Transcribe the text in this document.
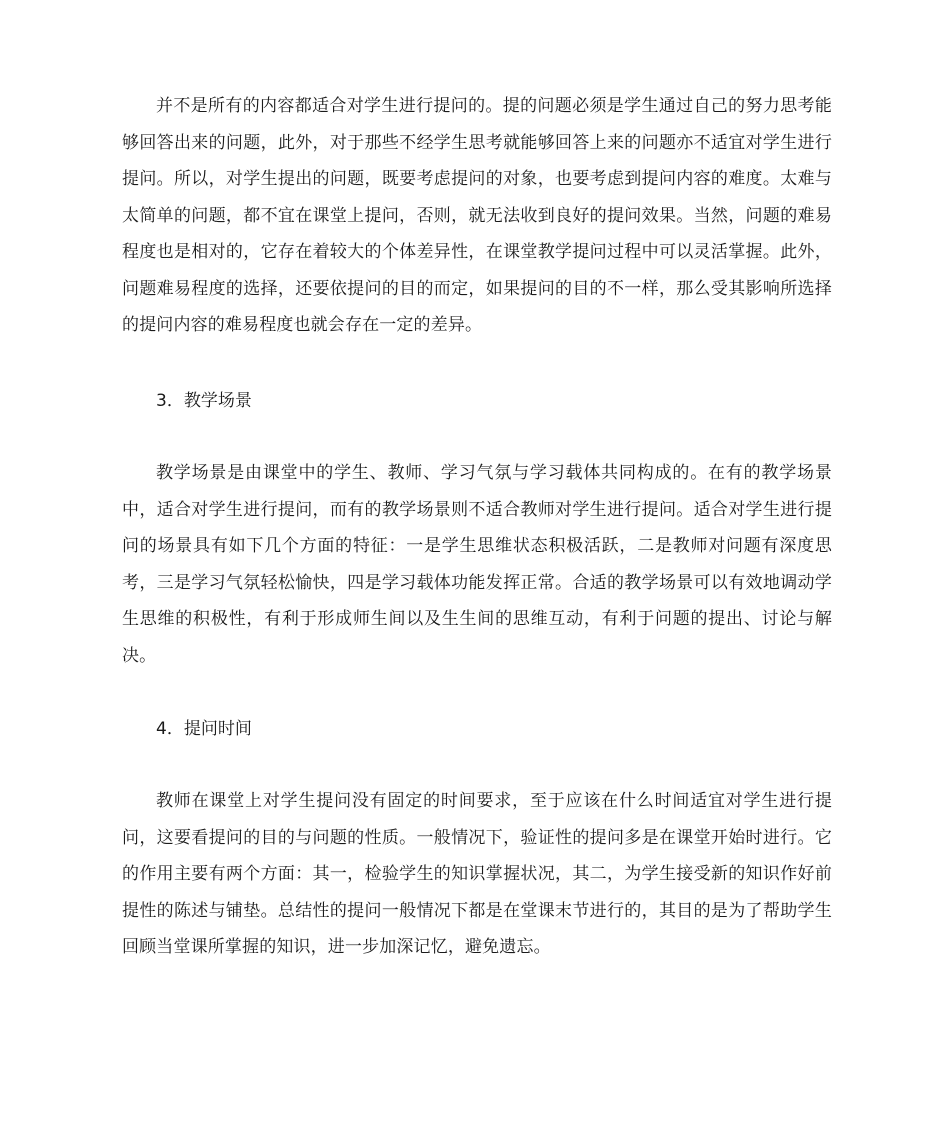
并不是所有的内容都适合对学生进行提问的。提的问题必须是学生通过自己的努力思考能够回答出来的问题，此外，对于那些不经学生思考就能够回答上来的问题亦不适宜对学生进行提问。所以，对学生提出的问题，既要考虑提问的对象，也要考虑到提问内容的难度。太难与太简单的问题，都不宜在课堂上提问，否则，就无法收到良好的提问效果。当然，问题的难易程度也是相对的，它存在着较大的个体差异性，在课堂教学提问过程中可以灵活掌握。此外，问题难易程度的选择，还要依提问的目的而定，如果提问的目的不一样，那么受其影响所选择的提问内容的难易程度也就会存在一定的差异。

3．教学场景

教学场景是由课堂中的学生、教师、学习气氛与学习载体共同构成的。在有的教学场景中，适合对学生进行提问，而有的教学场景则不适合教师对学生进行提问。适合对学生进行提问的场景具有如下几个方面的特征：一是学生思维状态积极活跃，二是教师对问题有深度思考，三是学习气氛轻松愉快，四是学习载体功能发挥正常。合适的教学场景可以有效地调动学生思维的积极性，有利于形成师生间以及生生间的思维互动，有利于问题的提出、讨论与解决。

4．提问时间

教师在课堂上对学生提问没有固定的时间要求，至于应该在什么时间适宜对学生进行提问，这要看提问的目的与问题的性质。一般情况下，验证性的提问多是在课堂开始时进行。它的作用主要有两个方面：其一，检验学生的知识掌握状况，其二，为学生接受新的知识作好前提性的陈述与铺垫。总结性的提问一般情况下都是在堂课末节进行的，其目的是为了帮助学生回顾当堂课所掌握的知识，进一步加深记忆，避免遗忘。
